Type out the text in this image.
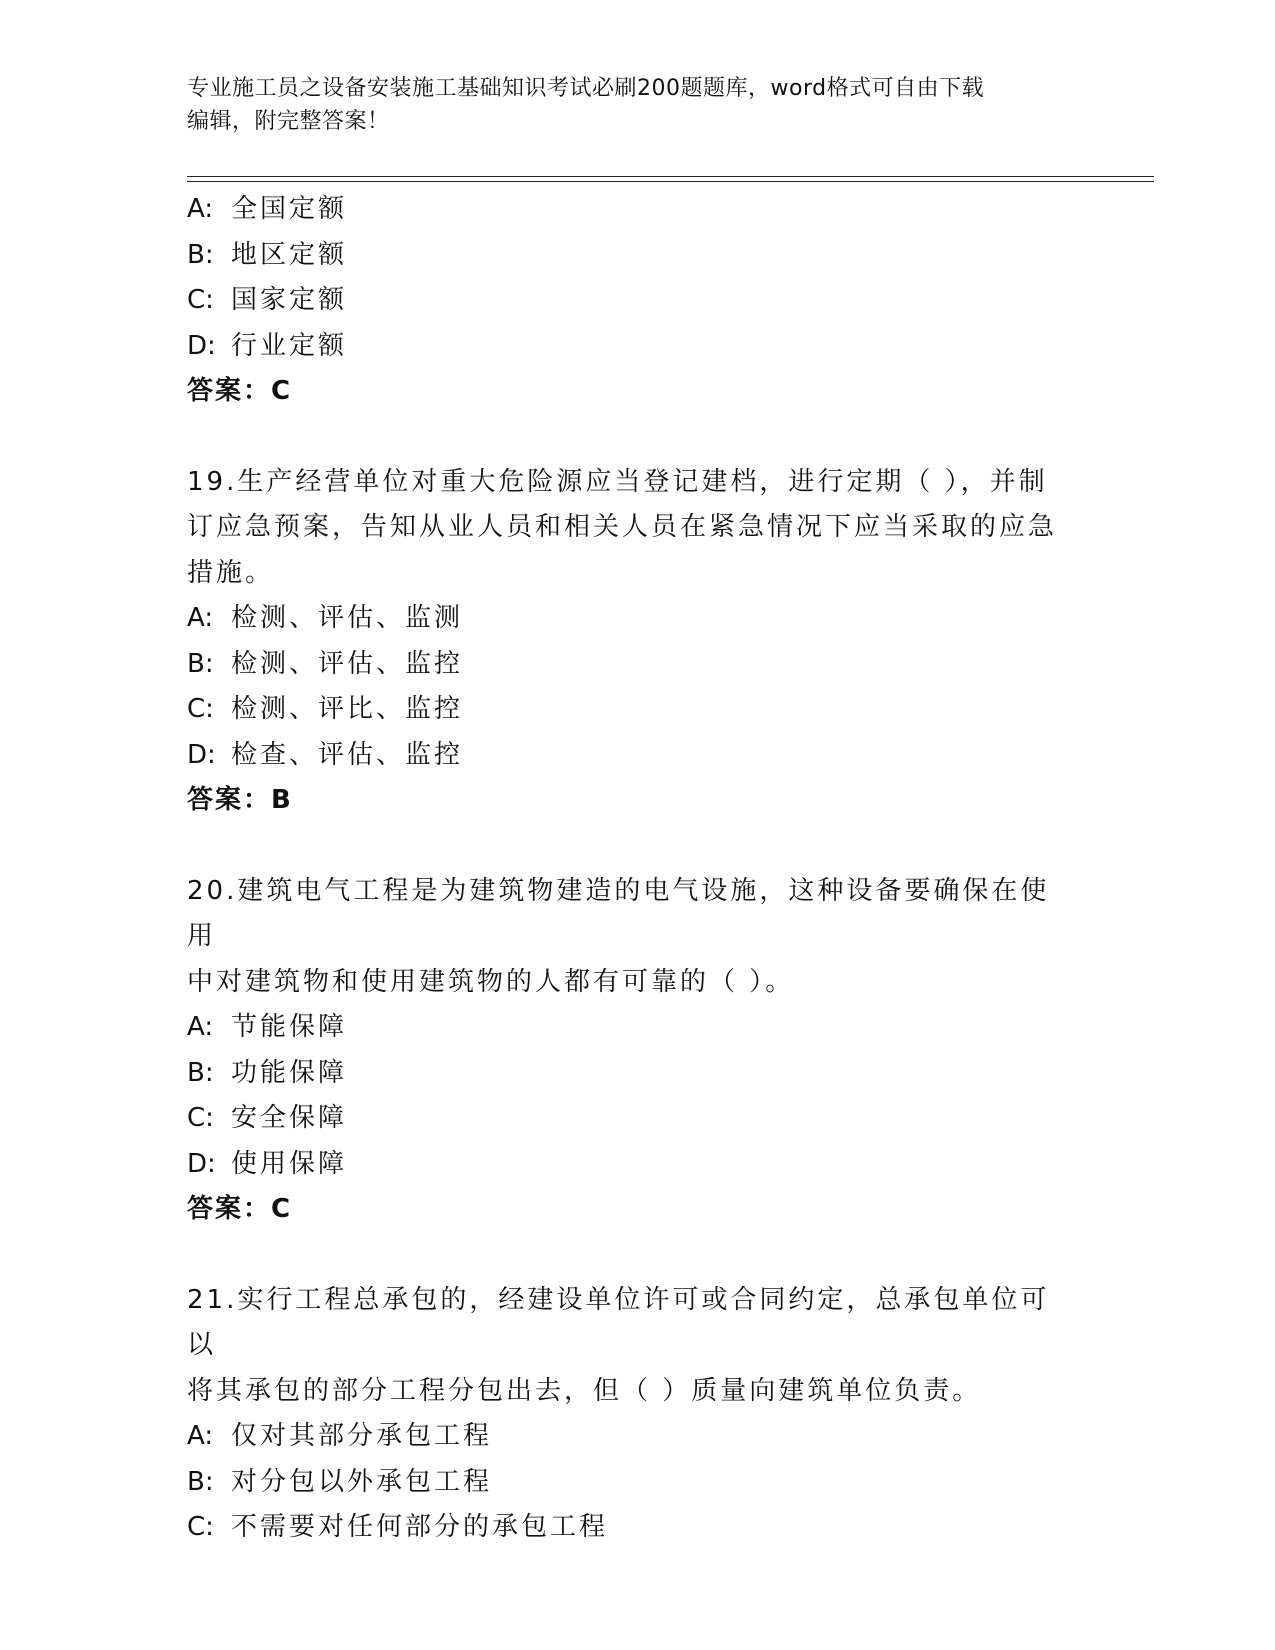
专业施工员之设备安装施工基础知识考试必刷200题题库，word格式可自由下载
编辑，附完整答案！

A: 全国定额

B: 地区定额

C: 国家定额

D: 行业定额

答案：C

19.生产经营单位对重大危险源应当登记建档，进行定期（ ），并制

订应急预案，告知从业人员和相关人员在紧急情况下应当采取的应急

措施。

A: 检测、评估、监测

B: 检测、评估、监控

C: 检测、评比、监控

D: 检查、评估、监控

答案：B

20.建筑电气工程是为建筑物建造的电气设施，这种设备要确保在使用

中对建筑物和使用建筑物的人都有可靠的（ ）。

A: 节能保障

B: 功能保障

C: 安全保障

D: 使用保障

答案：C

21.实行工程总承包的，经建设单位许可或合同约定，总承包单位可以

将其承包的部分工程分包出去，但（ ）质量向建筑单位负责。

A: 仅对其部分承包工程

B: 对分包以外承包工程

C: 不需要对任何部分的承包工程
